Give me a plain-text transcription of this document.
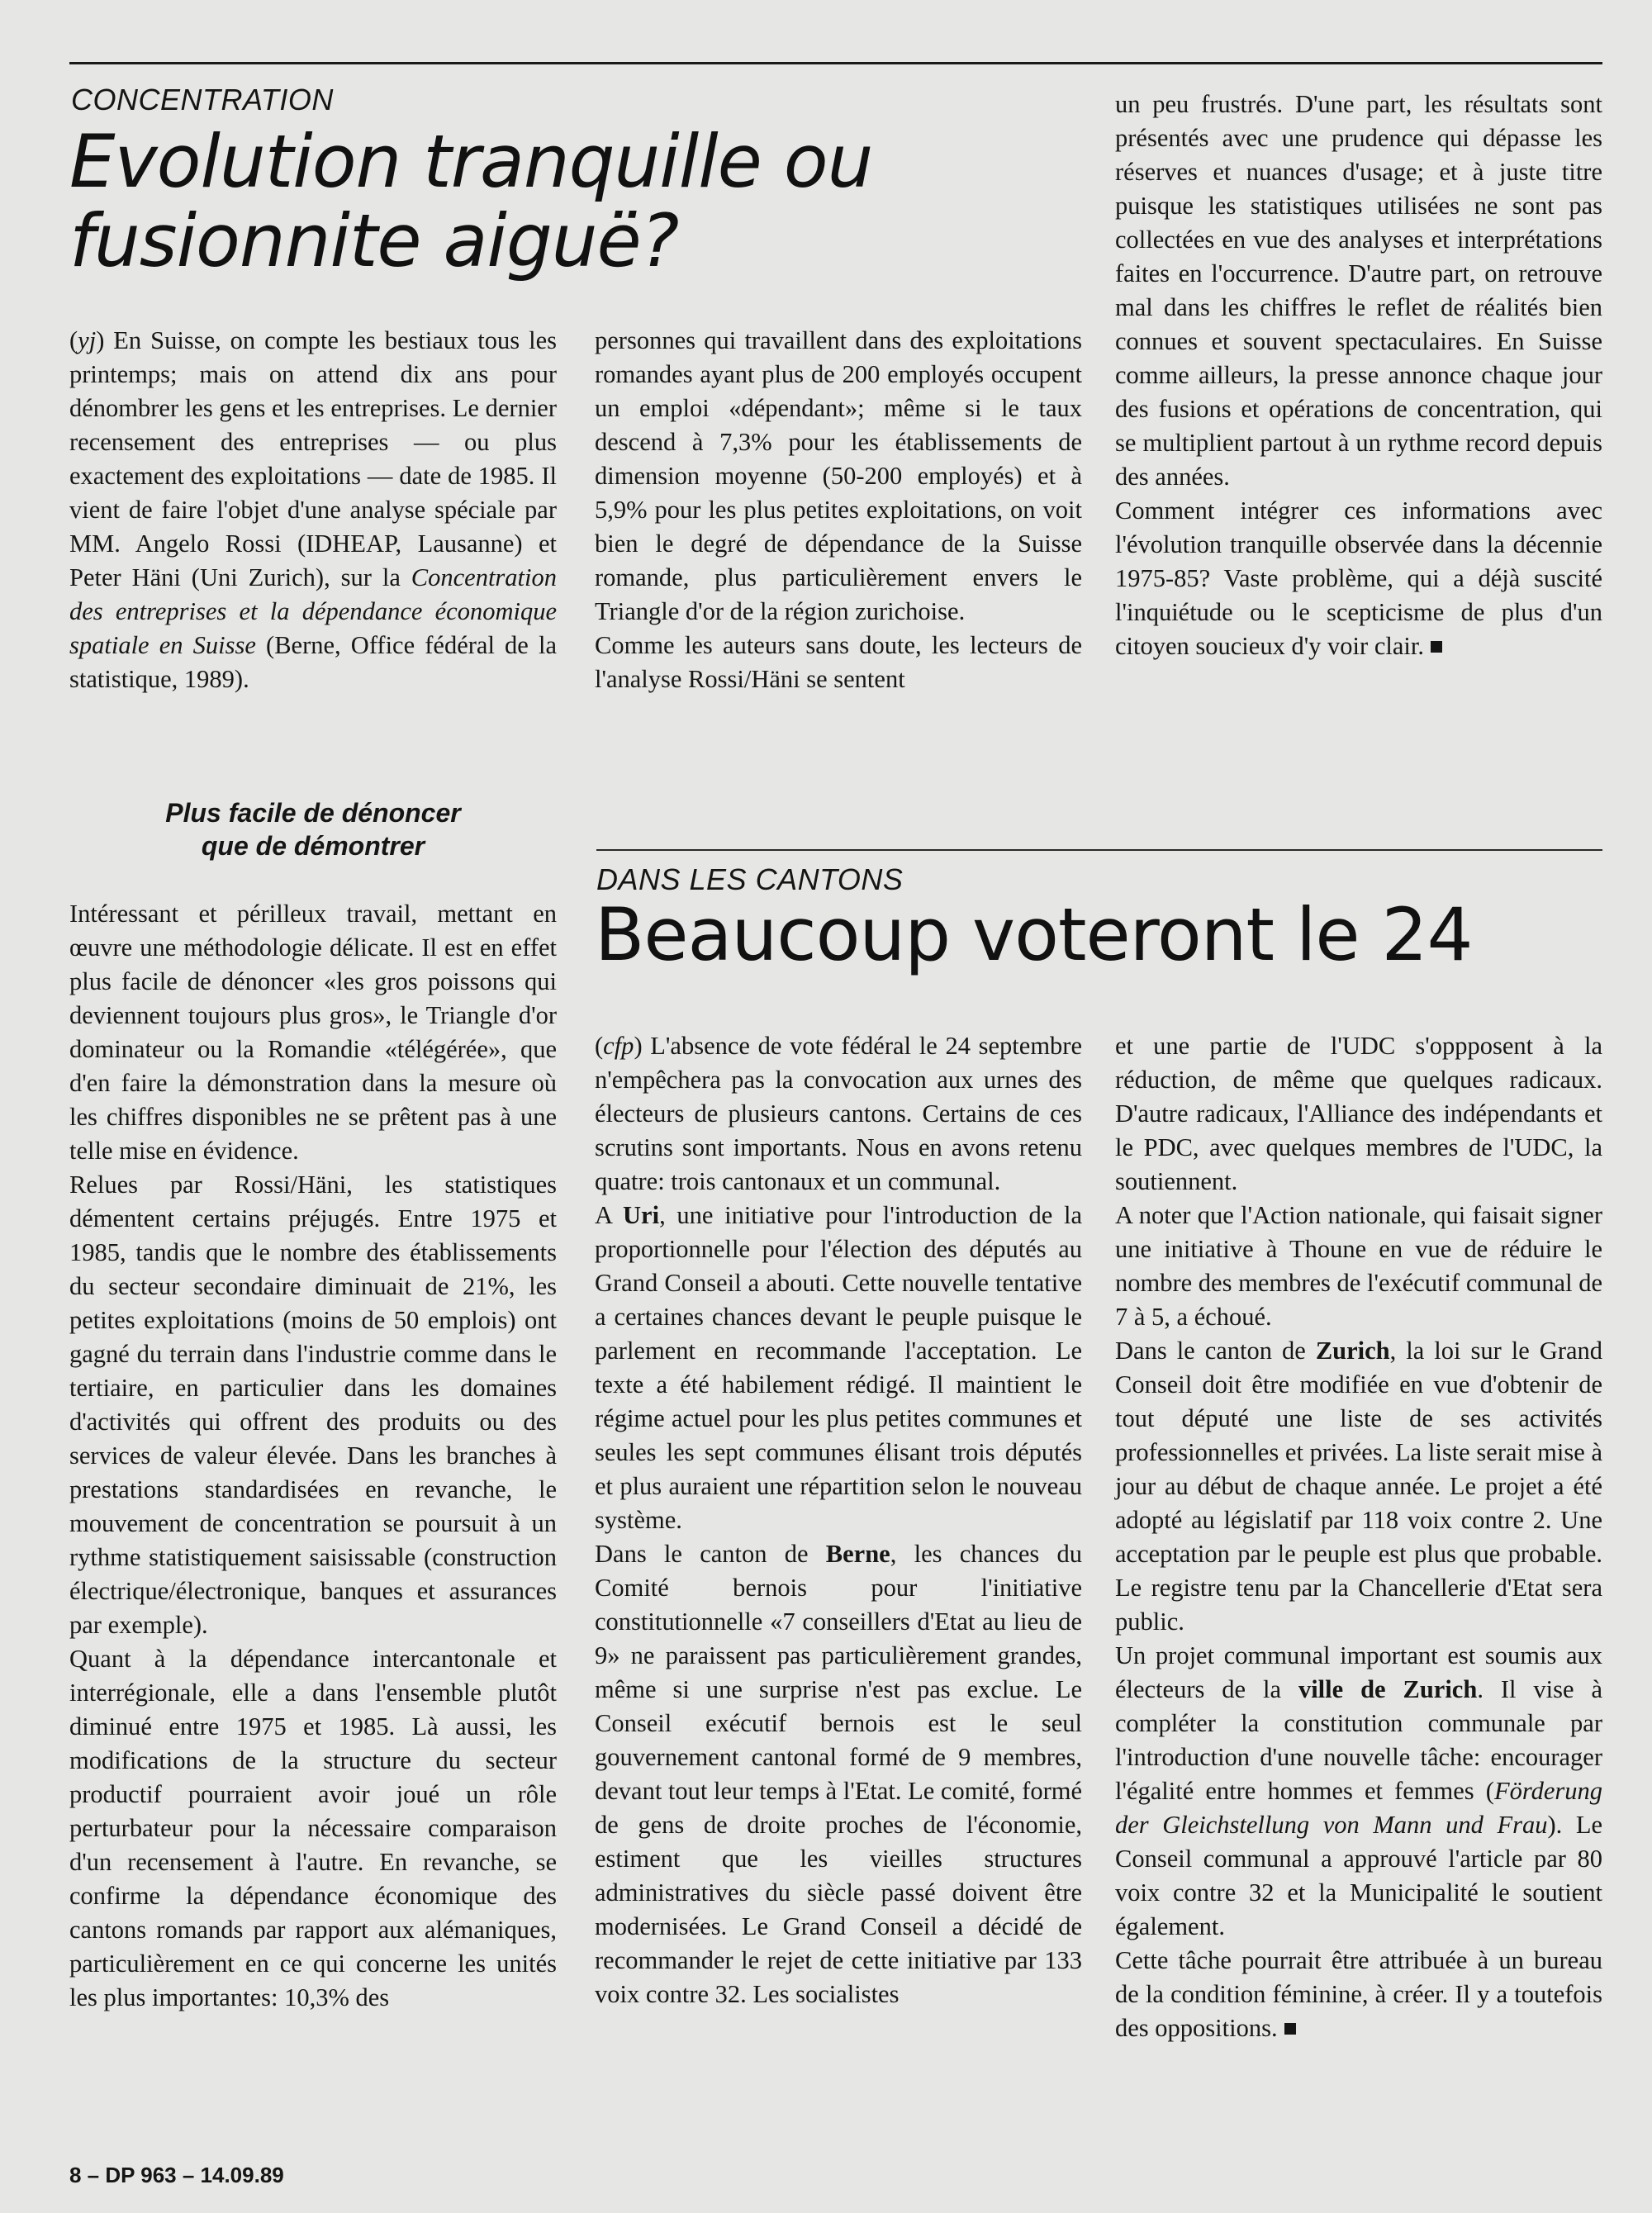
CONCENTRATION
Evolution tranquille ou
fusionnite aiguë?

(yj) En Suisse, on compte les bestiaux tous les printemps; mais on attend dix ans pour dénombrer les gens et les entreprises. Le dernier recensement des entreprises — ou plus exactement des exploitations — date de 1985. Il vient de faire l'objet d'une analyse spéciale par MM. Angelo Rossi (IDHEAP, Lausanne) et Peter Häni (Uni Zurich), sur la Concentration des entreprises et la dépendance économique spatiale en Suisse (Berne, Office fédéral de la statistique, 1989).

Plus facile de dénoncer
que de démontrer

Intéressant et périlleux travail, mettant en œuvre une méthodologie délicate. Il est en effet plus facile de dénoncer «les gros poissons qui deviennent toujours plus gros», le Triangle d'or dominateur ou la Romandie «télégérée», que d'en faire la démonstration dans la mesure où les chiffres disponibles ne se prêtent pas à une telle mise en évidence.

Relues par Rossi/Häni, les statistiques démentent certains préjugés. Entre 1975 et 1985, tandis que le nombre des établissements du secteur secondaire diminuait de 21%, les petites exploitations (moins de 50 emplois) ont gagné du terrain dans l'industrie comme dans le tertiaire, en particulier dans les domaines d'activités qui offrent des produits ou des services de valeur élevée. Dans les branches à prestations standardisées en revanche, le mouvement de concentration se poursuit à un rythme statistiquement saisissable (construction électrique/électronique, banques et assurances par exemple).

Quant à la dépendance intercantonale et interrégionale, elle a dans l'ensemble plutôt diminué entre 1975 et 1985. Là aussi, les modifications de la structure du secteur productif pourraient avoir joué un rôle perturbateur pour la nécessaire comparaison d'un recensement à l'autre. En revanche, se confirme la dépendance économique des cantons romands par rapport aux alémaniques, particulièrement en ce qui concerne les unités les plus importantes: 10,3% des

personnes qui travaillent dans des exploitations romandes ayant plus de 200 employés occupent un emploi «dépendant»; même si le taux descend à 7,3% pour les établissements de dimension moyenne (50-200 employés) et à 5,9% pour les plus petites exploitations, on voit bien le degré de dépendance de la Suisse romande, plus particulièrement envers le Triangle d'or de la région zurichoise.

Comme les auteurs sans doute, les lecteurs de l'analyse Rossi/Häni se sentent

un peu frustrés. D'une part, les résultats sont présentés avec une prudence qui dépasse les réserves et nuances d'usage; et à juste titre puisque les statistiques utilisées ne sont pas collectées en vue des analyses et interprétations faites en l'occurrence. D'autre part, on retrouve mal dans les chiffres le reflet de réalités bien connues et souvent spectaculaires. En Suisse comme ailleurs, la presse annonce chaque jour des fusions et opérations de concentration, qui se multiplient partout à un rythme record depuis des années.

Comment intégrer ces informations avec l'évolution tranquille observée dans la décennie 1975-85? Vaste problème, qui a déjà suscité l'inquiétude ou le scepticisme de plus d'un citoyen soucieux d'y voir clair.

DANS LES CANTONS
Beaucoup voteront le 24

(cfp) L'absence de vote fédéral le 24 septembre n'empêchera pas la convocation aux urnes des électeurs de plusieurs cantons. Certains de ces scrutins sont importants. Nous en avons retenu quatre: trois cantonaux et un communal.

A Uri, une initiative pour l'introduction de la proportionnelle pour l'élection des députés au Grand Conseil a abouti. Cette nouvelle tentative a certaines chances devant le peuple puisque le parlement en recommande l'acceptation. Le texte a été habilement rédigé. Il maintient le régime actuel pour les plus petites communes et seules les sept communes élisant trois députés et plus auraient une répartition selon le nouveau système.

Dans le canton de Berne, les chances du Comité bernois pour l'initiative constitutionnelle «7 conseillers d'Etat au lieu de 9» ne paraissent pas particulièrement grandes, même si une surprise n'est pas exclue. Le Conseil exécutif bernois est le seul gouvernement cantonal formé de 9 membres, devant tout leur temps à l'Etat. Le comité, formé de gens de droite proches de l'économie, estiment que les vieilles structures administratives du siècle passé doivent être modernisées. Le Grand Conseil a décidé de recommander le rejet de cette initiative par 133 voix contre 32. Les socialistes

et une partie de l'UDC s'oppposent à la réduction, de même que quelques radicaux. D'autre radicaux, l'Alliance des indépendants et le PDC, avec quelques membres de l'UDC, la soutiennent.

A noter que l'Action nationale, qui faisait signer une initiative à Thoune en vue de réduire le nombre des membres de l'exécutif communal de 7 à 5, a échoué.

Dans le canton de Zurich, la loi sur le Grand Conseil doit être modifiée en vue d'obtenir de tout député une liste de ses activités professionnelles et privées. La liste serait mise à jour au début de chaque année. Le projet a été adopté au législatif par 118 voix contre 2. Une acceptation par le peuple est plus que probable. Le registre tenu par la Chancellerie d'Etat sera public.

Un projet communal important est soumis aux électeurs de la ville de Zurich. Il vise à compléter la constitution communale par l'introduction d'une nouvelle tâche: encourager l'égalité entre hommes et femmes (Förderung der Gleichstellung von Mann und Frau). Le Conseil communal a approuvé l'article par 80 voix contre 32 et la Municipalité le soutient également.

Cette tâche pourrait être attribuée à un bureau de la condition féminine, à créer. Il y a toutefois des oppositions.

8 – DP 963 – 14.09.89
